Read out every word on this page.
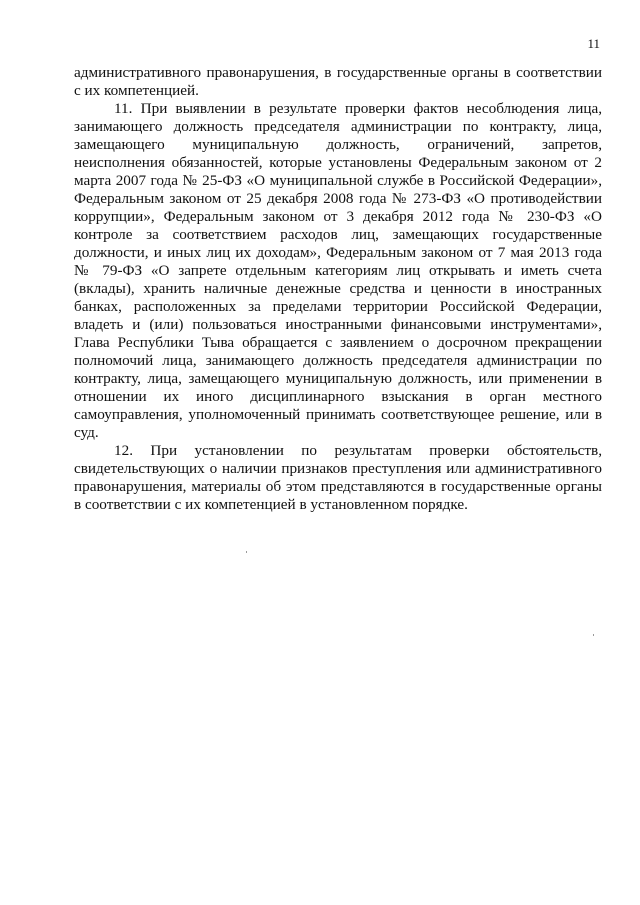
11
административного правонарушения, в государственные органы в соответствии
с их компетенцией.
11. При выявлении в результате проверки фактов несоблюдения лица,
занимающего должность председателя администрации по контракту, лица,
замещающего муниципальную должность, ограничений, запретов,
неисполнения обязанностей, которые установлены Федеральным законом от 2
марта 2007 года № 25-ФЗ «О муниципальной службе в Российской Федерации»,
Федеральным законом от 25 декабря 2008 года № 273-ФЗ «О противодействии
коррупции», Федеральным законом от 3 декабря 2012 года № 230-ФЗ «О
контроле за соответствием расходов лиц, замещающих государственные
должности, и иных лиц их доходам», Федеральным законом от 7 мая 2013 года
№ 79-ФЗ «О запрете отдельным категориям лиц открывать и иметь счета
(вклады), хранить наличные денежные средства и ценности в иностранных
банках, расположенных за пределами территории Российской Федерации,
владеть и (или) пользоваться иностранными финансовыми инструментами»,
Глава Республики Тыва обращается с заявлением о досрочном прекращении
полномочий лица, занимающего должность председателя администрации по
контракту, лица, замещающего муниципальную должность, или применении в
отношении их иного дисциплинарного взыскания в орган местного
самоуправления, уполномоченный принимать соответствующее решение, или в
суд.
12. При установлении по результатам проверки обстоятельств,
свидетельствующих о наличии признаков преступления или административного
правонарушения, материалы об этом представляются в государственные органы
в соответствии с их компетенцией в установленном порядке.
